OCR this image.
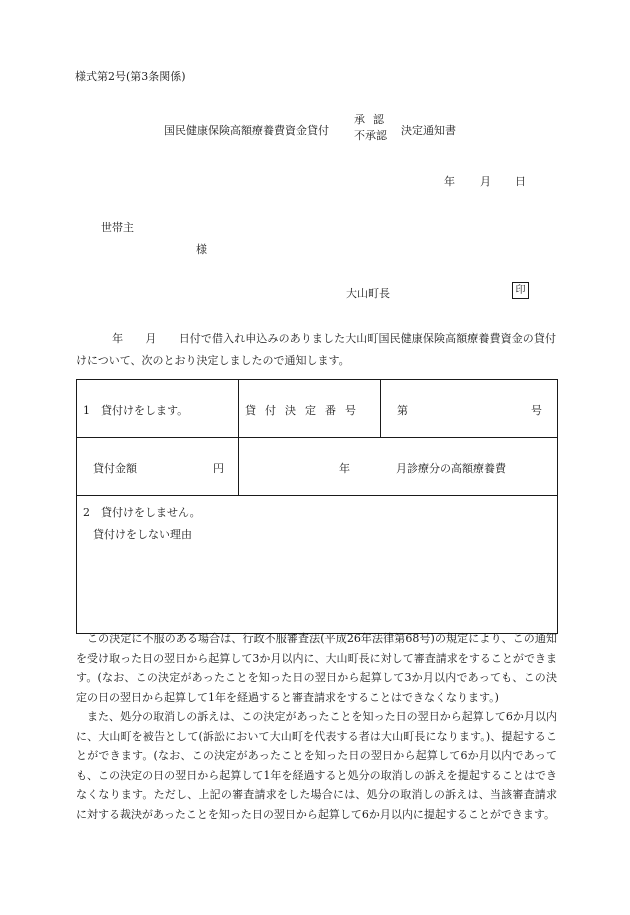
様式第2号(第3条関係)
国民健康保険高額療養費資金貸付
承認
不承認	決定通知書
年 月 日
世帯主
様
大山町長	印
年　　月　　日付で借入れ申込みのありました大山町国民健康保険高額療養費資金の貸付けについて、次のとおり決定しましたので通知します。
1　貸付けをします。	貸付決定番号	第 号

貸付金額 円	年 月診療分の高額療養費	

2　貸付けをしません。
貸付けをしない理由		

この決定に不服のある場合は、行政不服審査法(平成26年法律第68号)の規定により、この通知を受け取った日の翌日から起算して3か月以内に、大山町長に対して審査請求をすることができます。(なお、この決定があったことを知った日の翌日から起算して3か月以内であっても、この決定の日の翌日から起算して1年を経過すると審査請求をすることはできなくなります。)

また、処分の取消しの訴えは、この決定があったことを知った日の翌日から起算して6か月以内に、大山町を被告として(訴訟において大山町を代表する者は大山町長になります。)、提起することができます。(なお、この決定があったことを知った日の翌日から起算して6か月以内であっても、この決定の日の翌日から起算して1年を経過すると処分の取消しの訴えを提起することはできなくなります。ただし、上記の審査請求をした場合には、処分の取消しの訴えは、当該審査請求に対する裁決があったことを知った日の翌日から起算して6か月以内に提起することができます。
